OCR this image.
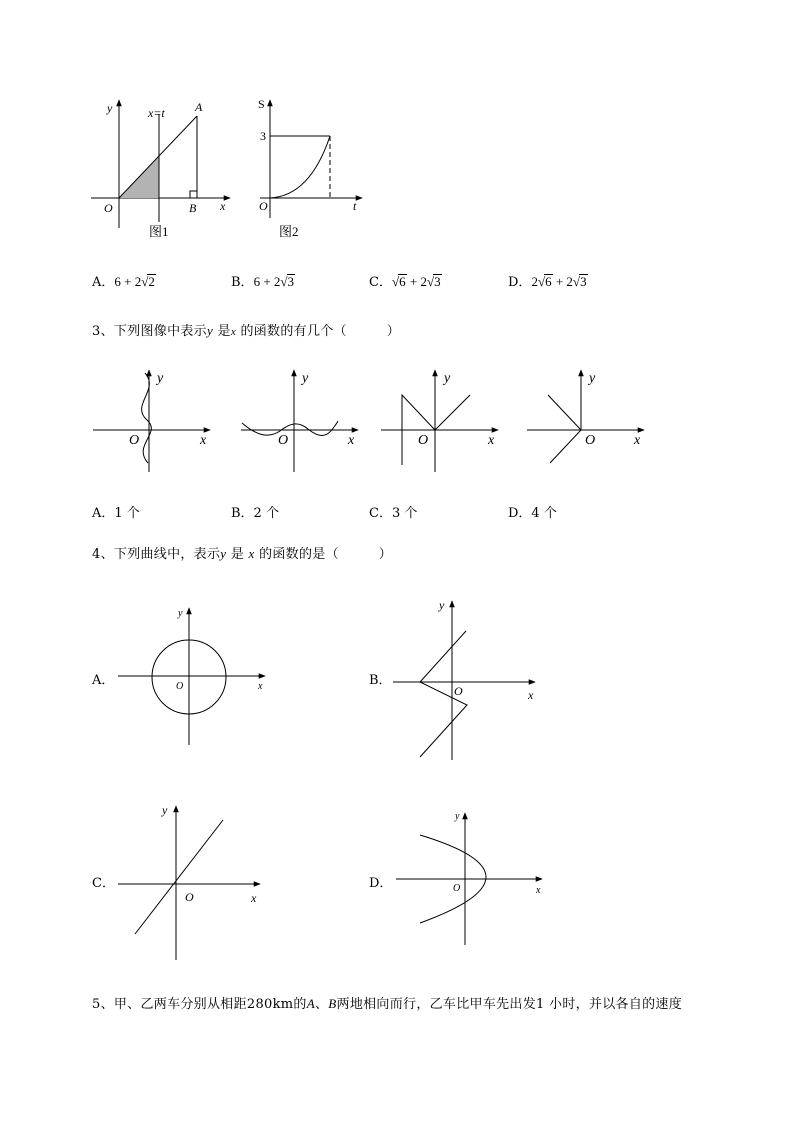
y	x=t	A
O	B x
图1
S
3
O	t
图2
A．6 + 2√2	B．6 + 2√3	C．√6 + 2√3	D．2√6 + 2√3
3、下列图像中表示y 是x 的函数的有几个（　　　）
y
O	x
y
O	x
y
O	x
y
O	x
A．1 个	B．2 个	C．3 个	D．4 个
4、下列曲线中，表示y 是 x 的函数的是（　　　）
A．
y
O	x	B．
y
O	x
C．
y
O	x
D．
y
O	x
5、甲、乙两车分别从相距280km的A、B两地相向而行，乙车比甲车先出发1 小时，并以各自的速度
